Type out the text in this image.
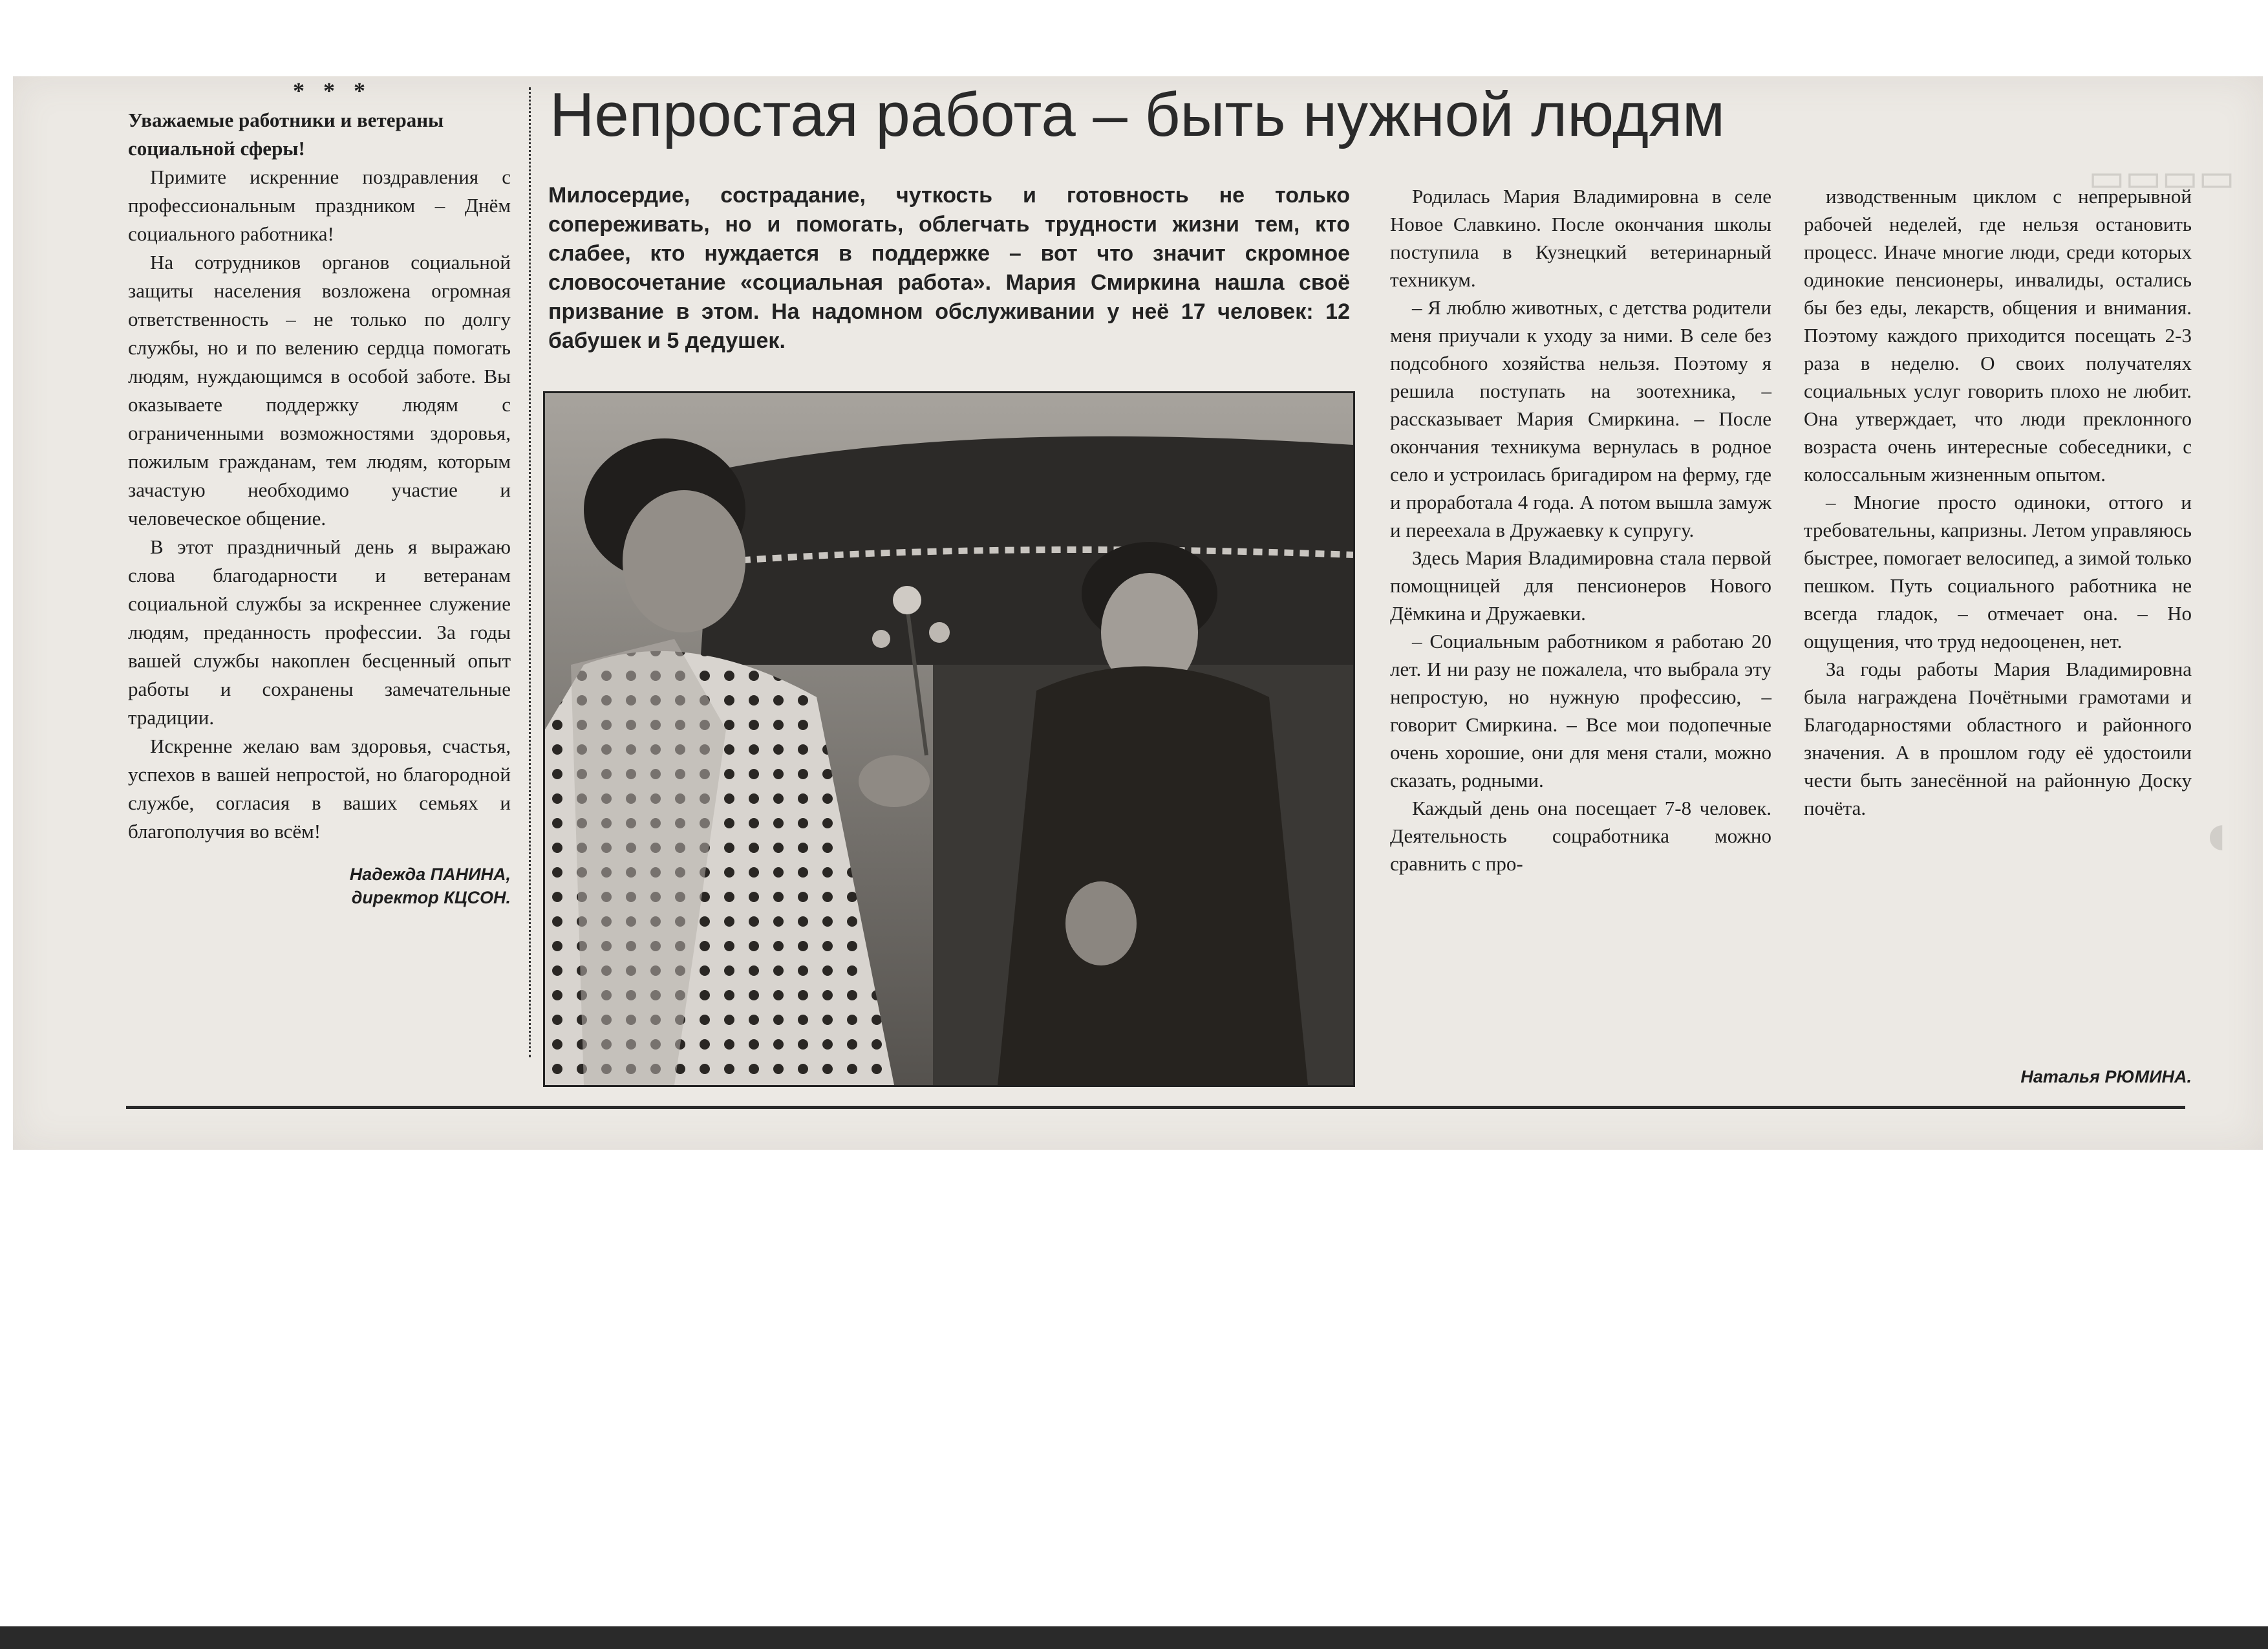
▭▭▭▭
◖
* * *
Уважаемые работники и ветераны социальной сферы!

Примите искренние поздравления с профессиональным праздником – Днём социального работника!

На сотрудников органов социальной защиты населения возложена огромная ответственность – не только по долгу службы, но и по велению сердца помогать людям, нуждающимся в особой заботе. Вы оказываете поддержку людям с ограниченными возможностями здоровья, пожилым гражданам, тем людям, которым зачастую необходимо участие и человеческое общение.

В этот праздничный день я выражаю слова благодарности и ветеранам социальной службы за искреннее служение людям, преданность профессии. За годы вашей службы накоплен бесценный опыт работы и сохранены замечательные традиции.

Искренне желаю вам здоровья, счастья, успехов в вашей непростой, но благородной службе, согласия в ваших семьях и благополучия во всём!

Надежда ПАНИНА,
директор КЦСОН.
Непростая работа – быть нужной людям
Милосердие, сострадание, чуткость и готовность не только сопереживать, но и помогать, облегчать трудности жизни тем, кто слабее, кто нуждается в поддержке – вот что значит скромное словосочетание «социальная работа». Мария Смиркина нашла своё призвание в этом. На надомном обслуживании у неё 17 человек: 12 бабушек и 5 дедушек.

Родилась Мария Владимировна в селе Новое Славкино. После окончания школы поступила в Кузнецкий ветеринарный техникум.

– Я люблю животных, с детства родители меня приучали к уходу за ними. В селе без подсобного хозяйства нельзя. Поэтому я решила поступать на зоотехника, – рассказывает Мария Смиркина. – После окончания техникума вернулась в родное село и устроилась бригадиром на ферму, где и проработала 4 года. А потом вышла замуж и переехала в Дружаевку к супругу.

Здесь Мария Владимировна стала первой помощницей для пенсионеров Нового Дёмкина и Дружаевки.

– Социальным работником я работаю 20 лет. И ни разу не пожалела, что выбрала эту непростую, но нужную профессию, – говорит Смиркина. – Все мои подопечные очень хорошие, они для меня стали, можно сказать, родными.

Каждый день она посещает 7-8 человек. Деятельность соцработника можно сравнить с про-

изводственным циклом с непрерывной рабочей неделей, где нельзя остановить процесс. Иначе многие люди, среди которых одинокие пенсионеры, инвалиды, остались бы без еды, лекарств, общения и внимания. Поэтому каждого приходится посещать 2-3 раза в неделю. О своих получателях социальных услуг говорить плохо не любит. Она утверждает, что люди преклонного возраста очень интересные собеседники, с колоссальным жизненным опытом.

– Многие просто одиноки, оттого и требовательны, капризны. Летом управляюсь быстрее, помогает велосипед, а зимой только пешком. Путь социального работника не всегда гладок, – отмечает она. – Но ощущения, что труд недооценен, нет.

За годы работы Мария Владимировна была награждена Почётными грамотами и Благодарностями областного и районного значения. А в прошлом году её удостоили чести быть занесённой на районную Доску почёта.

Наталья РЮМИНА.
